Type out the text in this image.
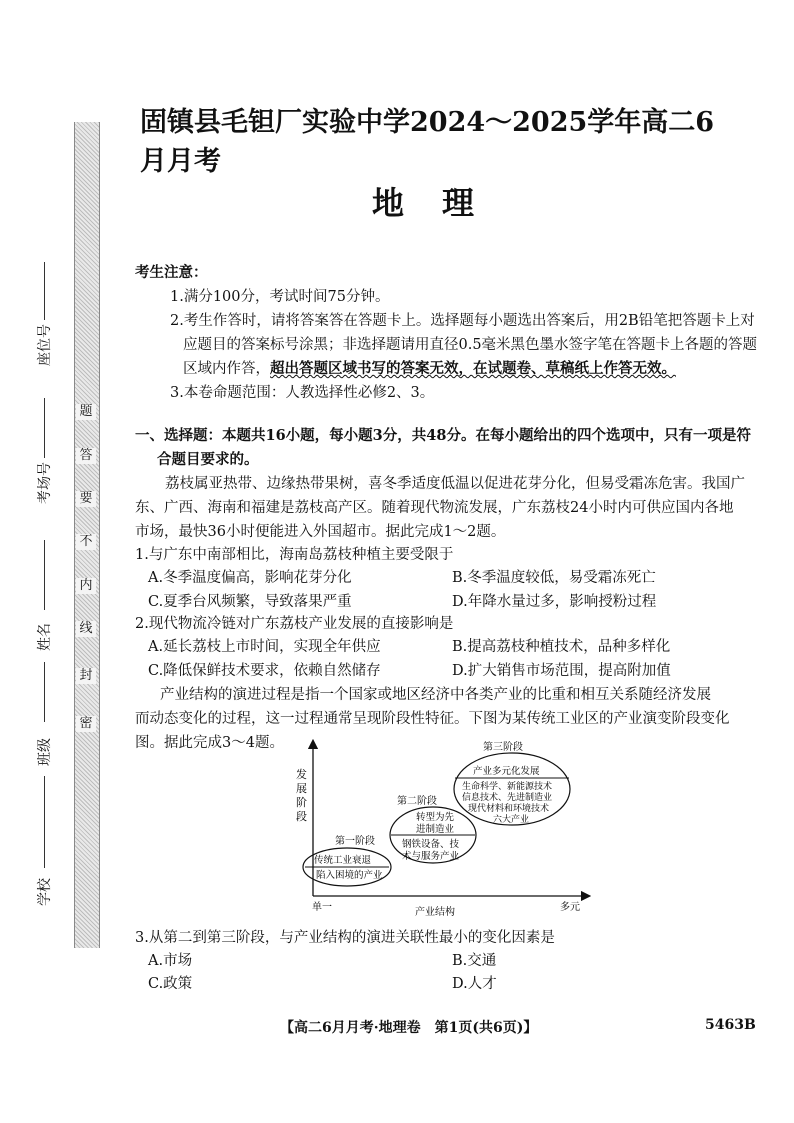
题
答
要
不
内
线
封
密
座位号
考场号
姓名
班级
学校
固镇县毛钽厂实验中学2024～2025学年高二6月月考
地理
考生注意：
1.满分100分，考试时间75分钟。
2.考生作答时，请将答案答在答题卡上。选择题每小题选出答案后，用2B铅笔把答题卡上对
应题目的答案标号涂黑；非选择题请用直径0.5毫米黑色墨水签字笔在答题卡上各题的答题
区域内作答，超出答题区域书写的答案无效，在试题卷、草稿纸上作答无效。
3.本卷命题范围：人教选择性必修2、3。
一、选择题：本题共16小题，每小题3分，共48分。在每小题给出的四个选项中，只有一项是符
合题目要求的。
荔枝属亚热带、边缘热带果树，喜冬季适度低温以促进花芽分化，但易受霜冻危害。我国广
东、广西、海南和福建是荔枝高产区。随着现代物流发展，广东荔枝24小时内可供应国内各地
市场，最快36小时便能进入外国超市。据此完成1～2题。
1.与广东中南部相比，海南岛荔枝种植主要受限于
A.冬季温度偏高，影响花芽分化	B.冬季温度较低，易受霜冻死亡
C.夏季台风频繁，导致落果严重	D.年降水量过多，影响授粉过程
2.现代物流冷链对广东荔枝产业发展的直接影响是
A.延长荔枝上市时间，实现全年供应	B.提高荔枝种植技术，品种多样化
C.降低保鲜技术要求，依赖自然储存	D.扩大销售市场范围，提高附加值
产业结构的演进过程是指一个国家或地区经济中各类产业的比重和相互关系随经济发展
而动态变化的过程，这一过程通常呈现阶段性特征。下图为某传统工业区的产业演变阶段变化
图。据此完成3～4题。
发
展
阶
段
单一	产业结构	多元
第一阶段
传统工业衰退
陷入困境的产业
第二阶段
转型为先
进制造业
钢铁设备、技
术与服务产业
第三阶段
产业多元化发展
生命科学、新能源技术
信息技术、先进制造业
现代材料和环境技术
六大产业
3.从第二到第三阶段，与产业结构的演进关联性最小的变化因素是
A.市场	B.交通
C.政策	D.人才
【高二6月月考·地理卷　第1页(共6页)】	5463B
